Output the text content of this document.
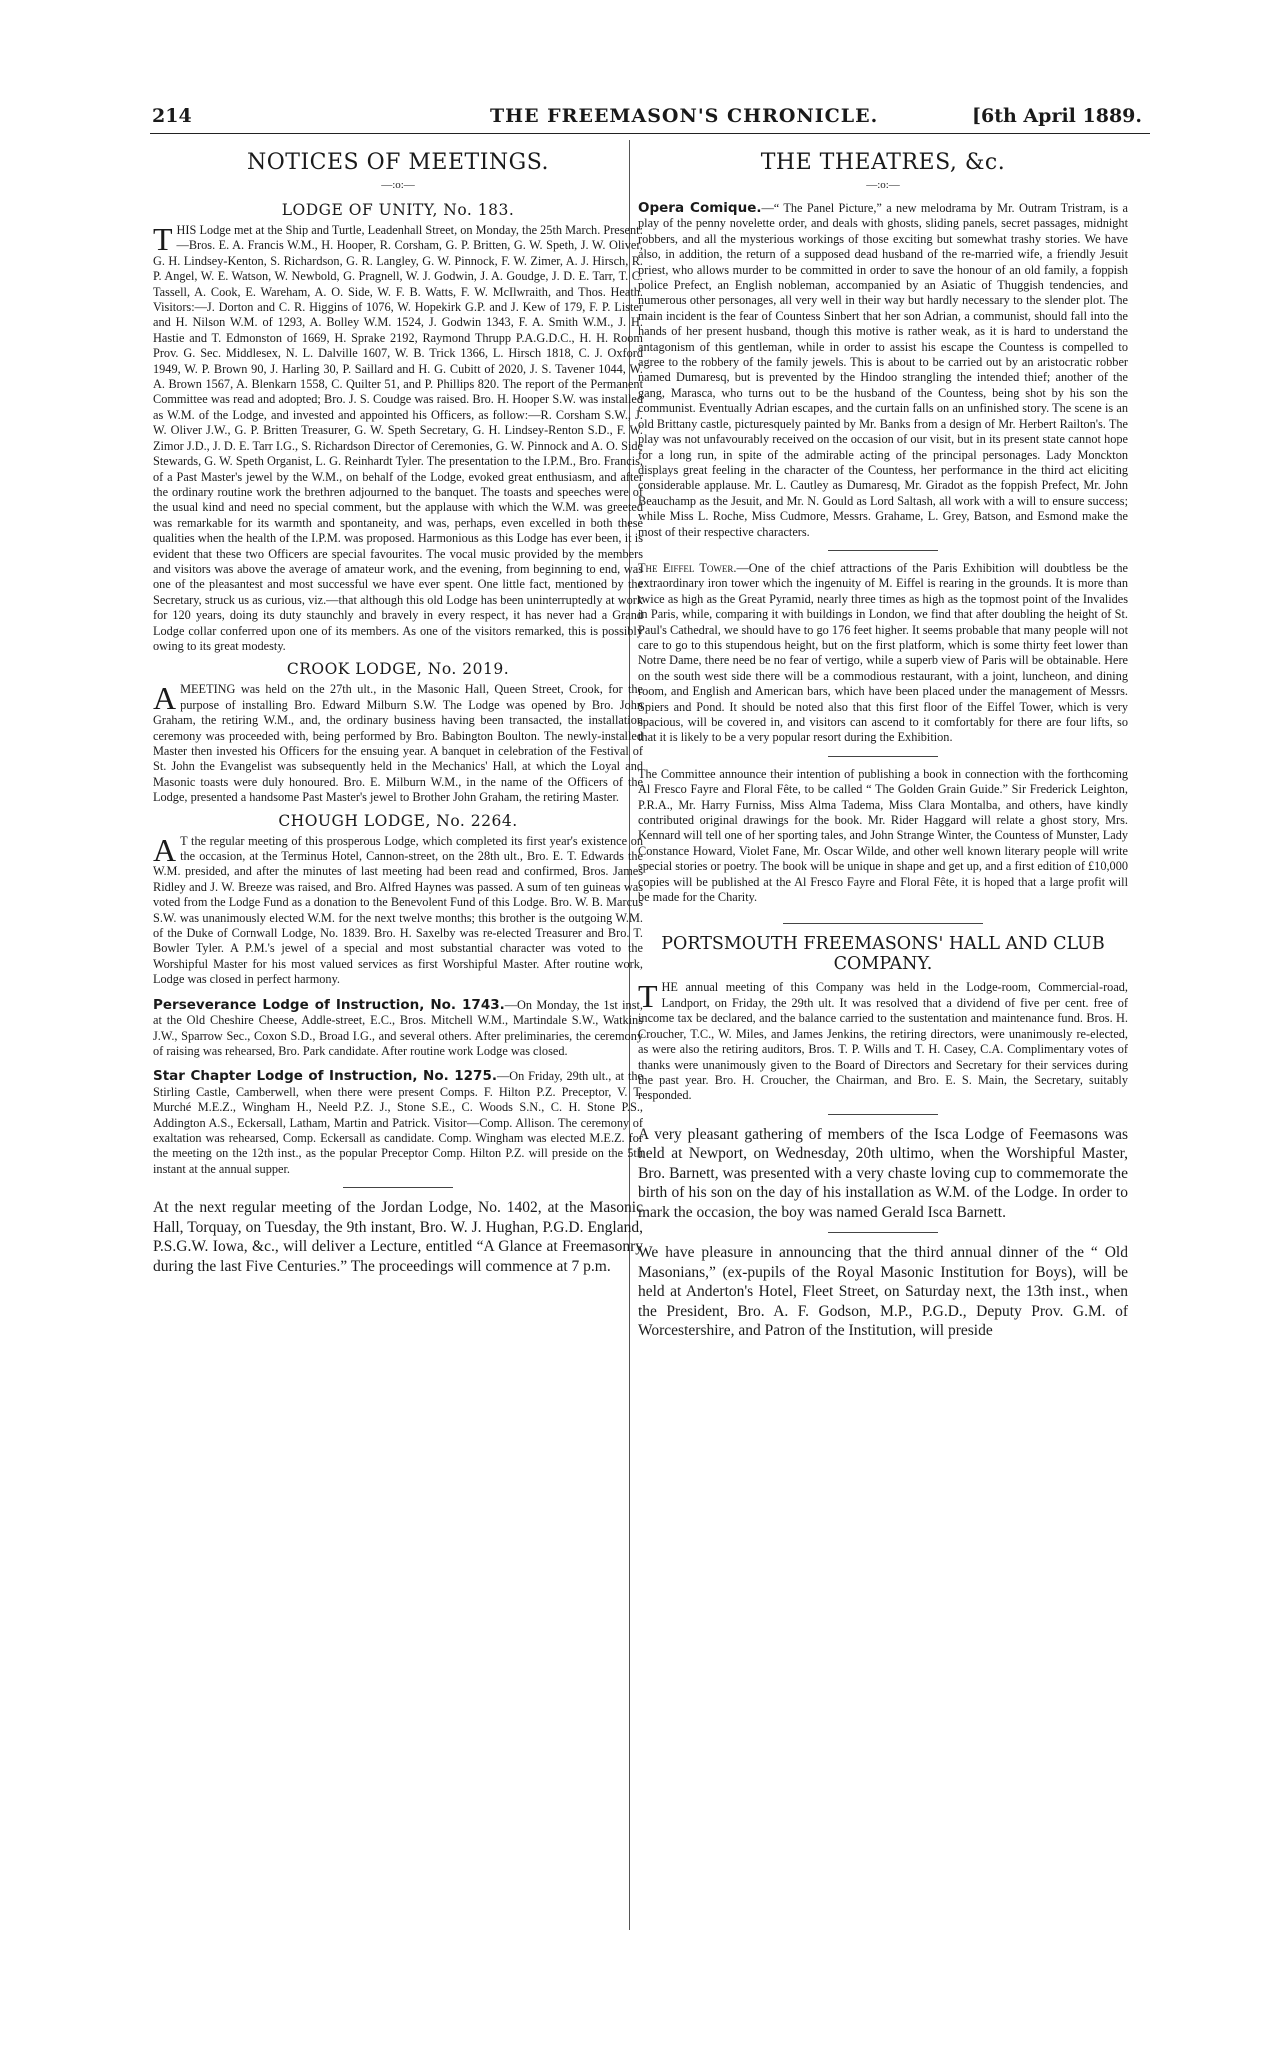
214	THE FREEMASON'S CHRONICLE.	[6th April 1889.
NOTICES OF MEETINGS.
—:o:—
LODGE OF UNITY, No. 183.

THIS Lodge met at the Ship and Turtle, Leadenhall Street, on Monday, the 25th March. Present:—Bros. E. A. Francis W.M., H. Hooper, R. Corsham, G. P. Britten, G. W. Speth, J. W. Oliver, G. H. Lindsey-Kenton, S. Richardson, G. R. Langley, G. W. Pinnock, F. W. Zimer, A. J. Hirsch, R. P. Angel, W. E. Watson, W. Newbold, G. Pragnell, W. J. Godwin, J. A. Goudge, J. D. E. Tarr, T. C. Tassell, A. Cook, E. Wareham, A. O. Side, W. F. B. Watts, F. W. McIlwraith, and Thos. Heath. Visitors:—J. Dorton and C. R. Higgins of 1076, W. Hopekirk G.P. and J. Kew of 179, F. P. Lister and H. Nilson W.M. of 1293, A. Bolley W.M. 1524, J. Godwin 1343, F. A. Smith W.M., J. H. Hastie and T. Edmonston of 1669, H. Sprake 2192, Raymond Thrupp P.A.G.D.C., H. H. Room Prov. G. Sec. Middlesex, N. L. Dalville 1607, W. B. Trick 1366, L. Hirsch 1818, C. J. Oxford 1949, W. P. Brown 90, J. Harling 30, P. Saillard and H. G. Cubitt of 2020, J. S. Tavener 1044, W. A. Brown 1567, A. Blenkarn 1558, C. Quilter 51, and P. Phillips 820. The report of the Permanent Committee was read and adopted; Bro. J. S. Coudge was raised. Bro. H. Hooper S.W. was installed as W.M. of the Lodge, and invested and appointed his Officers, as follow:—R. Corsham S.W., J. W. Oliver J.W., G. P. Britten Treasurer, G. W. Speth Secretary, G. H. Lindsey-Renton S.D., F. W. Zimor J.D., J. D. E. Tarr I.G., S. Richardson Director of Ceremonies, G. W. Pinnock and A. O. Side Stewards, G. W. Speth Organist, L. G. Reinhardt Tyler. The presentation to the I.P.M., Bro. Francis, of a Past Master's jewel by the W.M., on behalf of the Lodge, evoked great enthusiasm, and after the ordinary routine work the brethren adjourned to the banquet. The toasts and speeches were of the usual kind and need no special comment, but the applause with which the W.M. was greeted was remarkable for its warmth and spontaneity, and was, perhaps, even excelled in both these qualities when the health of the I.P.M. was proposed. Harmonious as this Lodge has ever been, it is evident that these two Officers are special favourites. The vocal music provided by the members and visitors was above the average of amateur work, and the evening, from beginning to end, was one of the pleasantest and most successful we have ever spent. One little fact, mentioned by the Secretary, struck us as curious, viz.—that although this old Lodge has been uninterruptedly at work for 120 years, doing its duty staunchly and bravely in every respect, it has never had a Grand Lodge collar conferred upon one of its members. As one of the visitors remarked, this is possibly owing to its great modesty.

CROOK LODGE, No. 2019.

AMEETING was held on the 27th ult., in the Masonic Hall, Queen Street, Crook, for the purpose of installing Bro. Edward Milburn S.W. The Lodge was opened by Bro. John Graham, the retiring W.M., and, the ordinary business having been transacted, the installation ceremony was proceeded with, being performed by Bro. Babington Boulton. The newly-installed Master then invested his Officers for the ensuing year. A banquet in celebration of the Festival of St. John the Evangelist was subsequently held in the Mechanics' Hall, at which the Loyal and Masonic toasts were duly honoured. Bro. E. Milburn W.M., in the name of the Officers of the Lodge, presented a handsome Past Master's jewel to Brother John Graham, the retiring Master.

CHOUGH LODGE, No. 2264.

A T the regular meeting of this prosperous Lodge, which completed its first year's existence on the occasion, at the Terminus Hotel, Cannon-street, on the 28th ult., Bro. E. T. Edwards the W.M. presided, and after the minutes of last meeting had been read and confirmed, Bros. James Ridley and J. W. Breeze was raised, and Bro. Alfred Haynes was passed. A sum of ten guineas was voted from the Lodge Fund as a donation to the Benevolent Fund of this Lodge. Bro. W. B. Marcus S.W. was unanimously elected W.M. for the next twelve months; this brother is the outgoing W.M. of the Duke of Cornwall Lodge, No. 1839. Bro. H. Saxelby was re-elected Treasurer and Bro. T. Bowler Tyler. A P.M.'s jewel of a special and most substantial character was voted to the Worshipful Master for his most valued services as first Worshipful Master. After routine work, Lodge was closed in perfect harmony.

Perseverance Lodge of Instruction, No. 1743.—On Monday, the 1st inst, at the Old Cheshire Cheese, Addle-street, E.C., Bros. Mitchell W.M., Martindale S.W., Watkins J.W., Sparrow Sec., Coxon S.D., Broad I.G., and several others. After preliminaries, the ceremony of raising was rehearsed, Bro. Park candidate. After routine work Lodge was closed.

Star Chapter Lodge of Instruction, No. 1275.—On Friday, 29th ult., at the Stirling Castle, Camberwell, when there were present Comps. F. Hilton P.Z. Preceptor, V. T. Murché M.E.Z., Wingham H., Neeld P.Z. J., Stone S.E., C. Woods S.N., C. H. Stone P.S., Addington A.S., Eckersall, Latham, Martin and Patrick. Visitor—Comp. Allison. The ceremony of exaltation was rehearsed, Comp. Eckersall as candidate. Comp. Wingham was elected M.E.Z. for the meeting on the 12th inst., as the popular Preceptor Comp. Hilton P.Z. will preside on the 5th instant at the annual supper.

At the next regular meeting of the Jordan Lodge, No. 1402, at the Masonic Hall, Torquay, on Tuesday, the 9th instant, Bro. W. J. Hughan, P.G.D. England, P.S.G.W. Iowa, &c., will deliver a Lecture, entitled “A Glance at Freemasonry during the last Five Centuries.” The proceedings will commence at 7 p.m.

THE THEATRES, &c.
—:o:—

Opera Comique.—“ The Panel Picture,” a new melodrama by Mr. Outram Tristram, is a play of the penny novelette order, and deals with ghosts, sliding panels, secret passages, midnight robbers, and all the mysterious workings of those exciting but somewhat trashy stories. We have also, in addition, the return of a supposed dead husband of the re-married wife, a friendly Jesuit priest, who allows murder to be committed in order to save the honour of an old family, a foppish police Prefect, an English nobleman, accompanied by an Asiatic of Thuggish tendencies, and numerous other personages, all very well in their way but hardly necessary to the slender plot. The main incident is the fear of Countess Sinbert that her son Adrian, a communist, should fall into the hands of her present husband, though this motive is rather weak, as it is hard to understand the antagonism of this gentleman, while in order to assist his escape the Countess is compelled to agree to the robbery of the family jewels. This is about to be carried out by an aristocratic robber named Dumaresq, but is prevented by the Hindoo strangling the intended thief; another of the gang, Marasca, who turns out to be the husband of the Countess, being shot by his son the communist. Eventually Adrian escapes, and the curtain falls on an unfinished story. The scene is an old Brittany castle, picturesquely painted by Mr. Banks from a design of Mr. Herbert Railton's. The play was not unfavourably received on the occasion of our visit, but in its present state cannot hope for a long run, in spite of the admirable acting of the principal personages. Lady Monckton displays great feeling in the character of the Countess, her performance in the third act eliciting considerable applause. Mr. L. Cautley as Dumaresq, Mr. Giradot as the foppish Prefect, Mr. John Beauchamp as the Jesuit, and Mr. N. Gould as Lord Saltash, all work with a will to ensure success; while Miss L. Roche, Miss Cudmore, Messrs. Grahame, L. Grey, Batson, and Esmond make the most of their respective characters.

The Eiffel Tower.—One of the chief attractions of the Paris Exhibition will doubtless be the extraordinary iron tower which the ingenuity of M. Eiffel is rearing in the grounds. It is more than twice as high as the Great Pyramid, nearly three times as high as the topmost point of the Invalides in Paris, while, comparing it with buildings in London, we find that after doubling the height of St. Paul's Cathedral, we should have to go 176 feet higher. It seems probable that many people will not care to go to this stupendous height, but on the first platform, which is some thirty feet lower than Notre Dame, there need be no fear of vertigo, while a superb view of Paris will be obtainable. Here on the south west side there will be a commodious restaurant, with a joint, luncheon, and dining room, and English and American bars, which have been placed under the management of Messrs. Spiers and Pond. It should be noted also that this first floor of the Eiffel Tower, which is very spacious, will be covered in, and visitors can ascend to it comfortably for there are four lifts, so that it is likely to be a very popular resort during the Exhibition.

The Committee announce their intention of publishing a book in connection with the forthcoming Al Fresco Fayre and Floral Fête, to be called “ The Golden Grain Guide.” Sir Frederick Leighton, P.R.A., Mr. Harry Furniss, Miss Alma Tadema, Miss Clara Montalba, and others, have kindly contributed original drawings for the book. Mr. Rider Haggard will relate a ghost story, Mrs. Kennard will tell one of her sporting tales, and John Strange Winter, the Countess of Munster, Lady Constance Howard, Violet Fane, Mr. Oscar Wilde, and other well known literary people will write special stories or poetry. The book will be unique in shape and get up, and a first edition of £10,000 copies will be published at the Al Fresco Fayre and Floral Fête, it is hoped that a large profit will be made for the Charity.

PORTSMOUTH FREEMASONS' HALL AND CLUB COMPANY.

THE annual meeting of this Company was held in the Lodge-room, Commercial-road, Landport, on Friday, the 29th ult. It was resolved that a dividend of five per cent. free of income tax be declared, and the balance carried to the sustentation and maintenance fund. Bros. H. Croucher, T.C., W. Miles, and James Jenkins, the retiring directors, were unanimously re-elected, as were also the retiring auditors, Bros. T. P. Wills and T. H. Casey, C.A. Complimentary votes of thanks were unanimously given to the Board of Directors and Secretary for their services during the past year. Bro. H. Croucher, the Chairman, and Bro. E. S. Main, the Secretary, suitably responded.

A very pleasant gathering of members of the Isca Lodge of Feemasons was held at Newport, on Wednesday, 20th ultimo, when the Worshipful Master, Bro. Barnett, was presented with a very chaste loving cup to commemorate the birth of his son on the day of his installation as W.M. of the Lodge. In order to mark the occasion, the boy was named Gerald Isca Barnett.

We have pleasure in announcing that the third annual dinner of the “ Old Masonians,” (ex-pupils of the Royal Masonic Institution for Boys), will be held at Anderton's Hotel, Fleet Street, on Saturday next, the 13th inst., when the President, Bro. A. F. Godson, M.P., P.G.D., Deputy Prov. G.M. of Worcestershire, and Patron of the Institution, will preside
